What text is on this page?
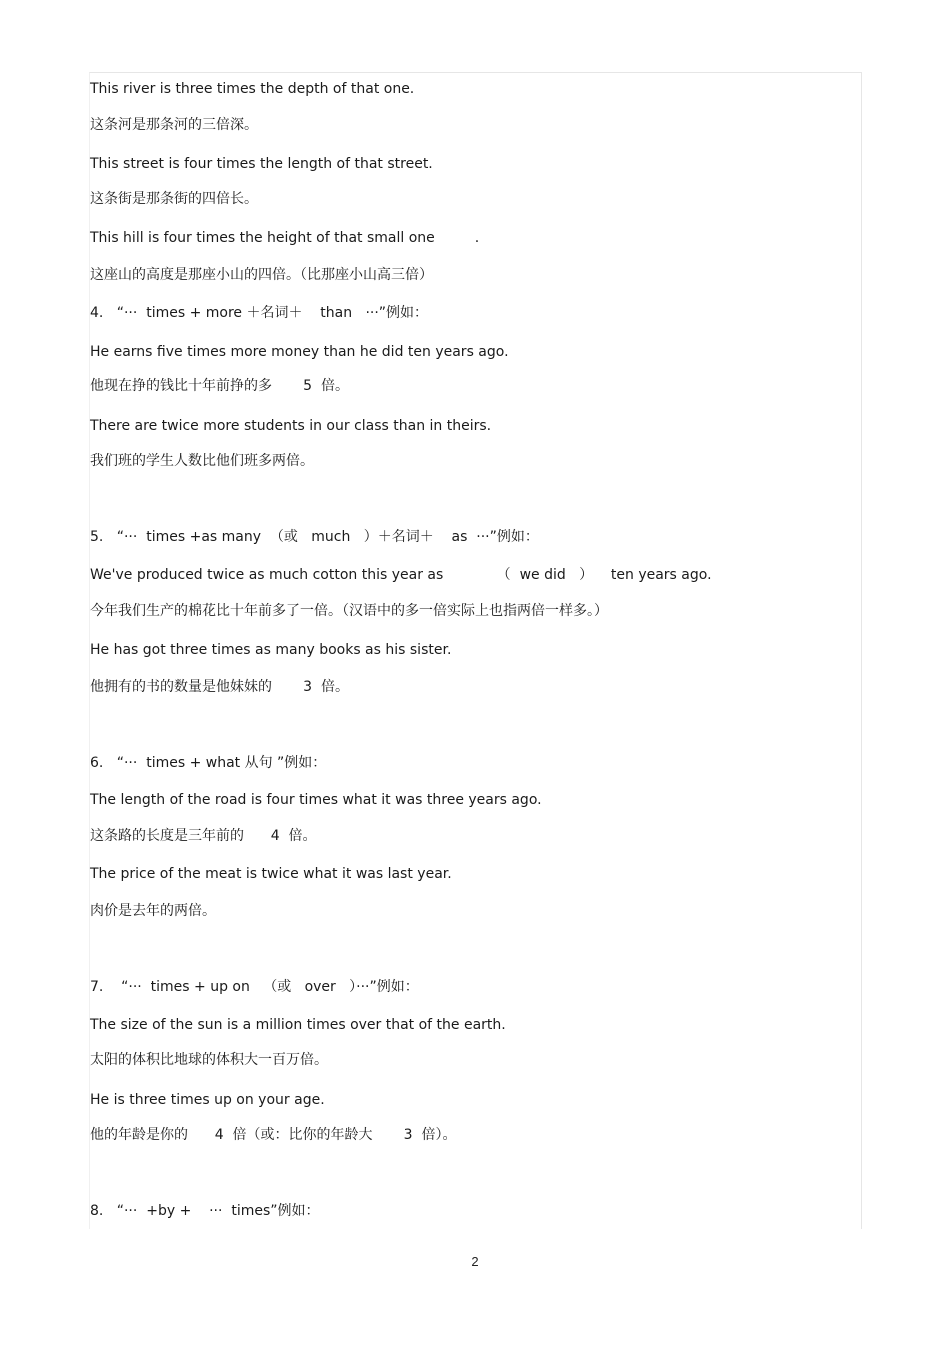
This river is three times the depth of that one.
这条河是那条河的三倍深。
This street is four times the length of that street.
这条街是那条街的四倍长。
This hill is four times the height of that small one         .
这座山的高度是那座小山的四倍。（比那座小山高三倍）
4.   “···  times + more ＋名词＋    than   ···”例如：
He earns five times more money than he did ten years ago.
他现在挣的钱比十年前挣的多       5  倍。
There are twice more students in our class than in theirs.
我们班的学生人数比他们班多两倍。
5.   “···  times +as many  （或   much   ）＋名词＋    as  ···”例如：
We've produced twice as much cotton this year as            （  we did   ）    ten years ago.
今年我们生产的棉花比十年前多了一倍。（汉语中的多一倍实际上也指两倍一样多。）
He has got three times as many books as his sister.
他拥有的书的数量是他妹妹的       3  倍。
6.   “···  times + what 从句 ”例如：
The length of the road is four times what it was three years ago.
这条路的长度是三年前的      4  倍。
The price of the meat is twice what it was last year.
肉价是去年的两倍。
7.    “···  times + up on   （或   over   ）···”例如：
The size of the sun is a million times over that of the earth.
太阳的体积比地球的体积大一百万倍。
He is three times up on your age.
他的年龄是你的      4  倍（或：比你的年龄大       3  倍）。
8.   “···  +by +    ···  times”例如：
2
